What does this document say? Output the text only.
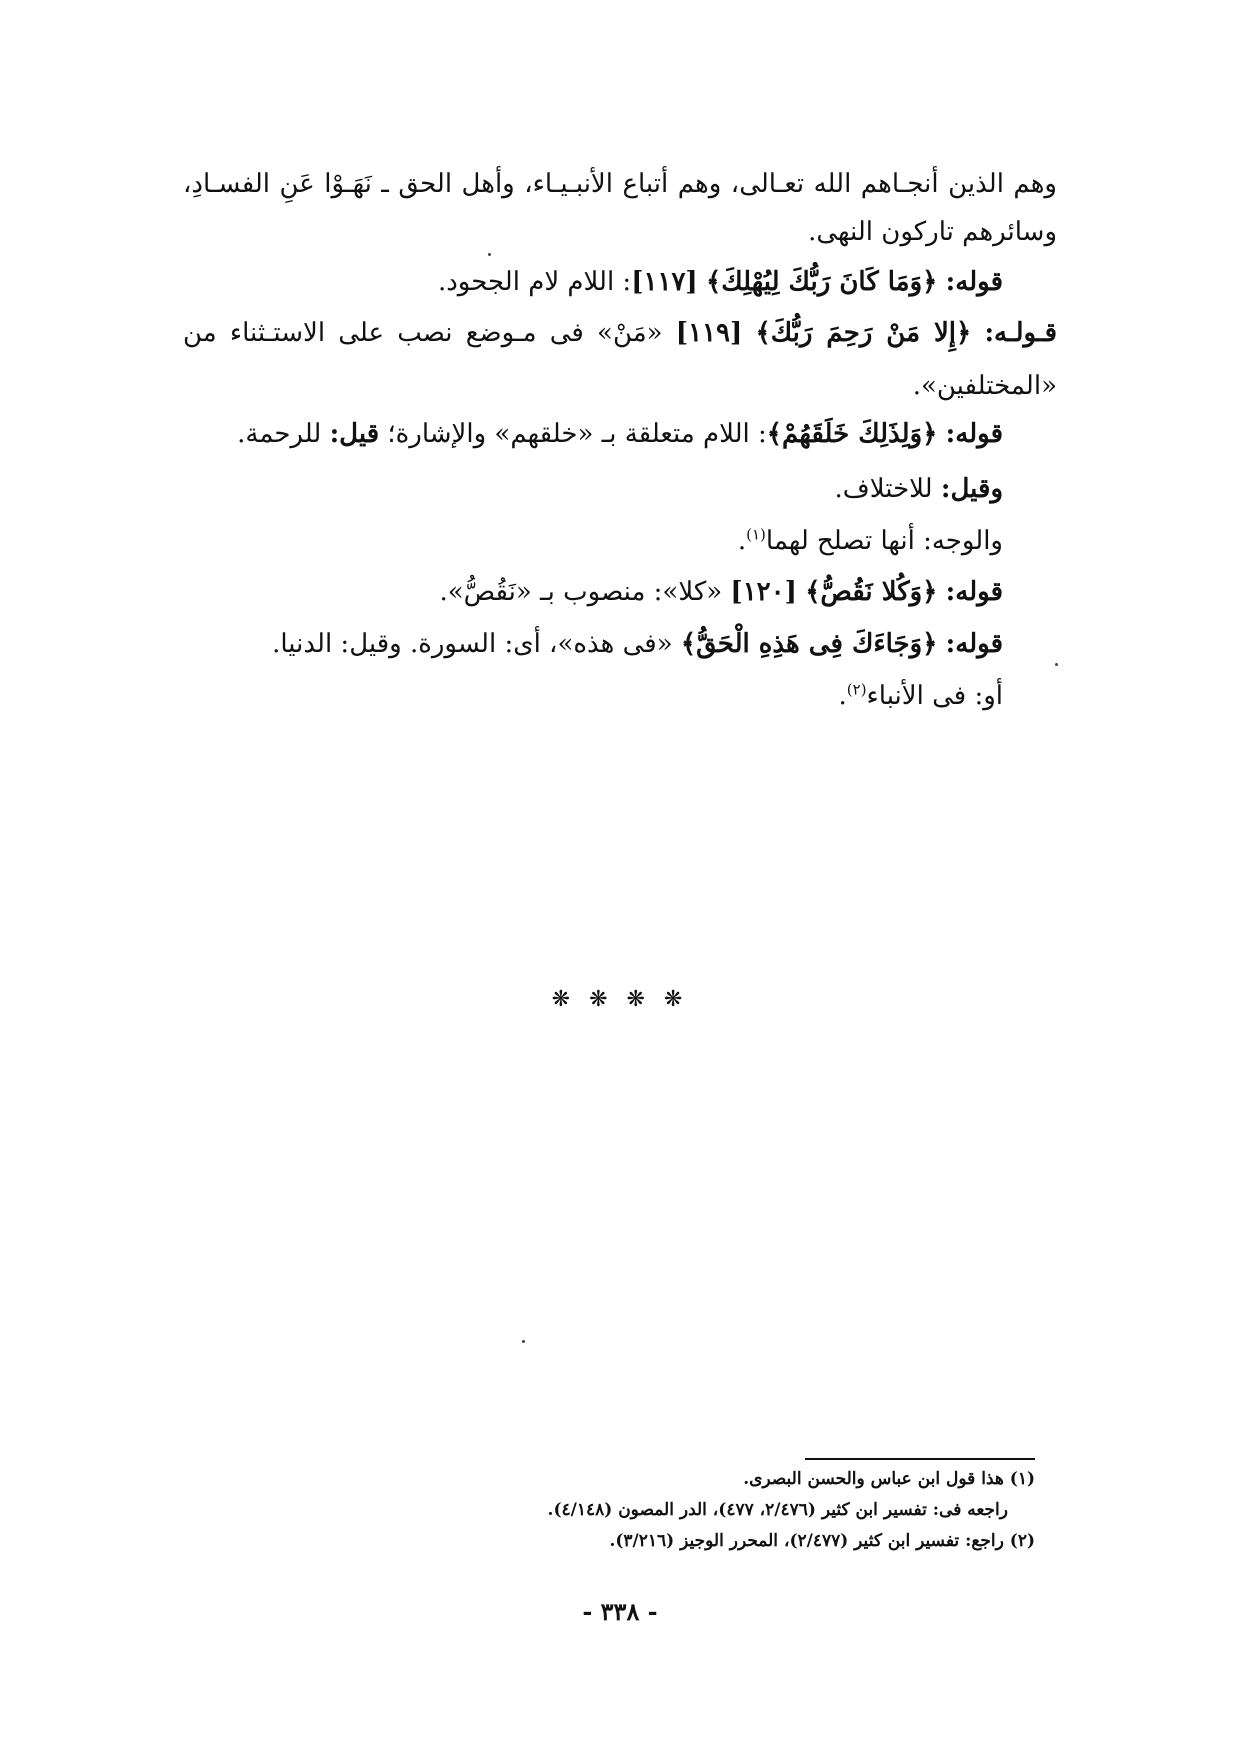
وهم الذين أنجـاهم الله تعـالى، وهم أتباع الأنبـيـاء، وأهل الحق ـ نَهَـوْا عَنِ الفسـادِ،
وسائرهم تاركون النهى.
قوله: ﴿وَمَا كَانَ رَبُّكَ لِيُهْلِكَ﴾ [١١٧]: اللام لام الجحود.
قـولـه: ﴿إِلا مَنْ رَحِمَ رَبُّكَ﴾ [١١٩] «مَنْ» فى مـوضع نصب على الاستـثناء من
«المختلفين».
قوله: ﴿وَلِذَلِكَ خَلَقَهُمْ﴾: اللام متعلقة بـ «خلقهم» والإشارة؛ قيل: للرحمة.
وقيل: للاختلاف.
والوجه: أنها تصلح لهما$^{(١)}$.
قوله: ﴿وَكُلا نَقُصُّ﴾ [١٢٠] «كلا»: منصوب بـ «نَقُصُّ».
قوله: ﴿وَجَاءَكَ فِى هَذِهِ الْحَقُّ﴾ «فى هذه»، أى: السورة. وقيل: الدنيا.
أو: فى الأنباء$^{(٢)}$.
❋ ❋ ❋ ❋
(١) هذا قول ابن عباس والحسن البصرى.
راجعه فى: تفسير ابن كثير (٢/٤٧٦، ٤٧٧)، الدر المصون (٤/١٤٨).
(٢) راجع: تفسير ابن كثير (٢/٤٧٧)، المحرر الوجيز (٣/٢١٦).
- ٣٣٨ -
